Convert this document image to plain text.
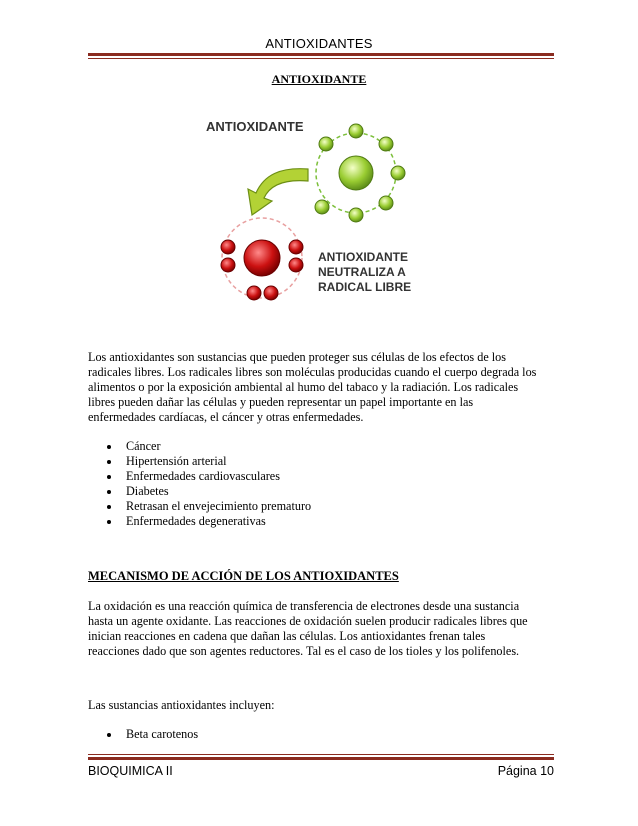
ANTIOXIDANTES
ANTIOXIDANTE
ANTIOXIDANTE
ANTIOXIDANTE
NEUTRALIZA A
RADICAL LIBRE

Los antioxidantes son sustancias que pueden proteger sus células de los efectos de los

radicales libres. Los radicales libres son moléculas producidas cuando el cuerpo degrada los

alimentos o por la exposición ambiental al humo del tabaco y la radiación. Los radicales

libres pueden dañar las células y pueden representar un papel importante en las

enfermedades cardíacas, el cáncer y otras enfermedades.

Cáncer
Hipertensión arterial
Enfermedades cardiovasculares
Diabetes
Retrasan el envejecimiento prematuro
Enfermedades degenerativas
MECANISMO DE ACCIÓN DE LOS ANTIOXIDANTES

La oxidación es una reacción química de transferencia de electrones desde una sustancia

hasta un agente oxidante. Las reacciones de oxidación suelen producir radicales libres que

inician reacciones en cadena que dañan las células. Los antioxidantes frenan tales

reacciones dado que son agentes reductores. Tal es el caso de los tioles y los polifenoles.

Las sustancias antioxidantes incluyen:

Beta carotenos
BIOQUIMICA II	Página 10
